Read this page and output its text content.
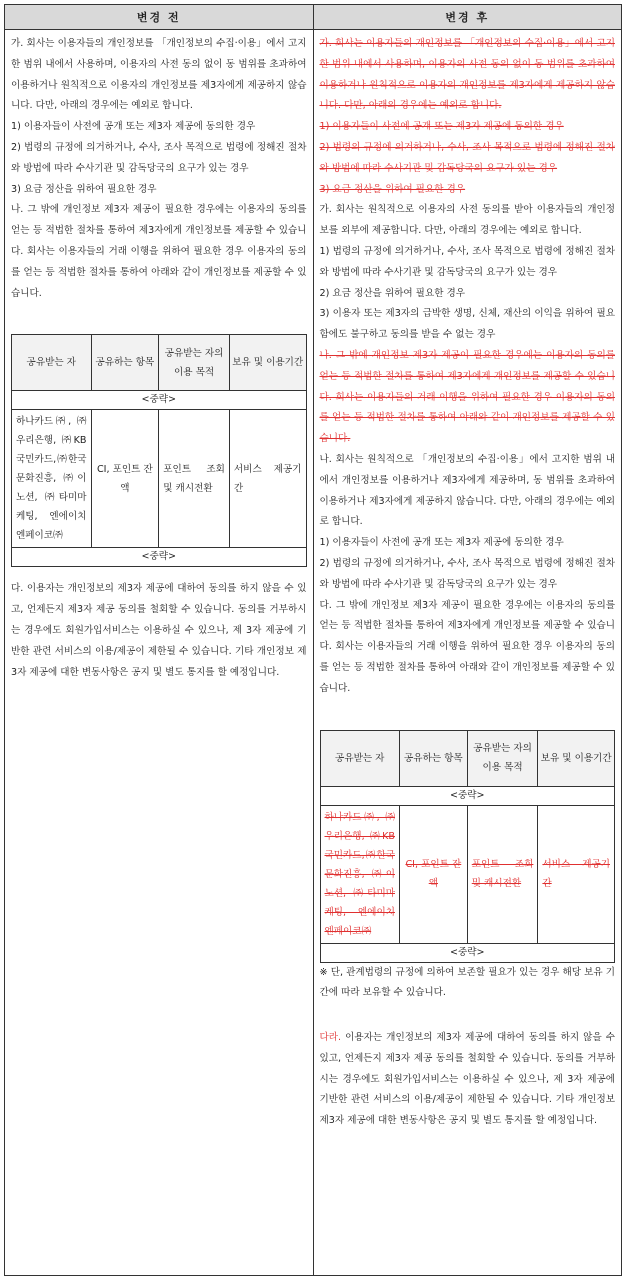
변경 전	변경 후

가. 회사는 이용자들의 개인정보를 「개인정보의 수집·이용」에서 고지한 범위 내에서 사용하며, 이용자의 사전 동의 없이 동 범위를 초과하여 이용하거나 원칙적으로 이용자의 개인정보를 제3자에게 제공하지 않습니다. 다만, 아래의 경우에는 예외로 합니다.

1) 이용자들이 사전에 공개 또는 제3자 제공에 동의한 경우

2) 법령의 규정에 의거하거나, 수사, 조사 목적으로 법령에 정해진 절차와 방법에 따라 수사기관 및 감독당국의 요구가 있는 경우

3) 요금 정산을 위하여 필요한 경우

나. 그 밖에 개인정보 제3자 제공이 필요한 경우에는 이용자의 동의를 얻는 등 적법한 절차를 통하여 제3자에게 개인정보를 제공할 수 있습니다. 회사는 이용자들의 거래 이행을 위하여 필요한 경우 이용자의 동의를 얻는 등 적법한 절차를 통하여 아래와 같이 개인정보를 제공할 수 있습니다.

공유받는 자	공유하는 항목	공유받는 자의 이용 목적	보유 및 이용기간
<중략>			
하나카드㈜, ㈜우리은행, ㈜KB국민카드,㈜한국문화진흥, ㈜이노션, ㈜타미마케팅, 엔에이치엔페이코㈜	CI, 포인트 잔액	포인트 조회 및 캐시전환	서비스 제공기간
<중략>			

다. 이용자는 개인정보의 제3자 제공에 대하여 동의를 하지 않을 수 있고, 언제든지 제3자 제공 동의를 철회할 수 있습니다. 동의를 거부하시는 경우에도 회원가입서비스는 이용하실 수 있으나, 제 3자 제공에 기반한 관련 서비스의 이용/제공이 제한될 수 있습니다. 기타 개인정보 제3자 제공에 대한 변동사항은 공지 및 별도 통지를 할 예정입니다.

가. 회사는 이용자들의 개인정보를 「개인정보의 수집·이용」에서 고지한 범위 내에서 사용하며, 이용자의 사전 동의 없이 동 범위를 초과하여 이용하거나 원칙적으로 이용자의 개인정보를 제3자에게 제공하지 않습니다. 다만, 아래의 경우에는 예외로 합니다.

1) 이용자들이 사전에 공개 또는 제3자 제공에 동의한 경우

2) 법령의 규정에 의거하거나, 수사, 조사 목적으로 법령에 정해진 절차와 방법에 따라 수사기관 및 감독당국의 요구가 있는 경우

3) 요금 정산을 위하여 필요한 경우

가. 회사는 원칙적으로 이용자의 사전 동의를 받아 이용자들의 개인정보를 외부에 제공합니다. 다만, 아래의 경우에는 예외로 합니다.

1) 법령의 규정에 의거하거나, 수사, 조사 목적으로 법령에 정해진 절차와 방법에 따라 수사기관 및 감독당국의 요구가 있는 경우

2) 요금 정산을 위하여 필요한 경우

3) 이용자 또는 제3자의 급박한 생명, 신체, 재산의 이익을 위하여 필요함에도 불구하고 동의를 받을 수 없는 경우

나. 그 밖에 개인정보 제3자 제공이 필요한 경우에는 이용자의 동의를 얻는 등 적법한 절차를 통하여 제3자에게 개인정보를 제공할 수 있습니다. 회사는 이용자들의 거래 이행을 위하여 필요한 경우 이용자의 동의를 얻는 등 적법한 절차를 통하여 아래와 같이 개인정보를 제공할 수 있습니다.

나. 회사는 원칙적으로 「개인정보의 수집·이용」에서 고지한 범위 내에서 개인정보를 이용하거나 제3자에게 제공하며, 동 범위를 초과하여 이용하거나 제3자에게 제공하지 않습니다. 다만, 아래의 경우에는 예외로 합니다.

1) 이용자들이 사전에 공개 또는 제3자 제공에 동의한 경우

2) 법령의 규정에 의거하거나, 수사, 조사 목적으로 법령에 정해진 절차와 방법에 따라 수사기관 및 감독당국의 요구가 있는 경우

다. 그 밖에 개인정보 제3자 제공이 필요한 경우에는 이용자의 동의를 얻는 등 적법한 절차를 통하여 제3자에게 개인정보를 제공할 수 있습니다. 회사는 이용자들의 거래 이행을 위하여 필요한 경우 이용자의 동의를 얻는 등 적법한 절차를 통하여 아래와 같이 개인정보를 제공할 수 있습니다.

공유받는 자	공유하는 항목	공유받는 자의 이용 목적	보유 및 이용기간
<중략>			
하나카드㈜, ㈜우리은행, ㈜KB국민카드,㈜한국문화진흥, ㈜이노션, ㈜타미마케팅, 엔에이치엔페이코㈜	CI, 포인트 잔액	포인트 조회 및 캐시전환	서비스 제공기간
<중략>			

※ 단, 관계법령의 규정에 의하여 보존할 필요가 있는 경우 해당 보유 기간에 따라 보유할 수 있습니다.

다라. 이용자는 개인정보의 제3자 제공에 대하여 동의를 하지 않을 수 있고, 언제든지 제3자 제공 동의를 철회할 수 있습니다. 동의를 거부하시는 경우에도 회원가입서비스는 이용하실 수 있으나, 제 3자 제공에 기반한 관련 서비스의 이용/제공이 제한될 수 있습니다. 기타 개인정보 제3자 제공에 대한 변동사항은 공지 및 별도 통지를 할 예정입니다.
